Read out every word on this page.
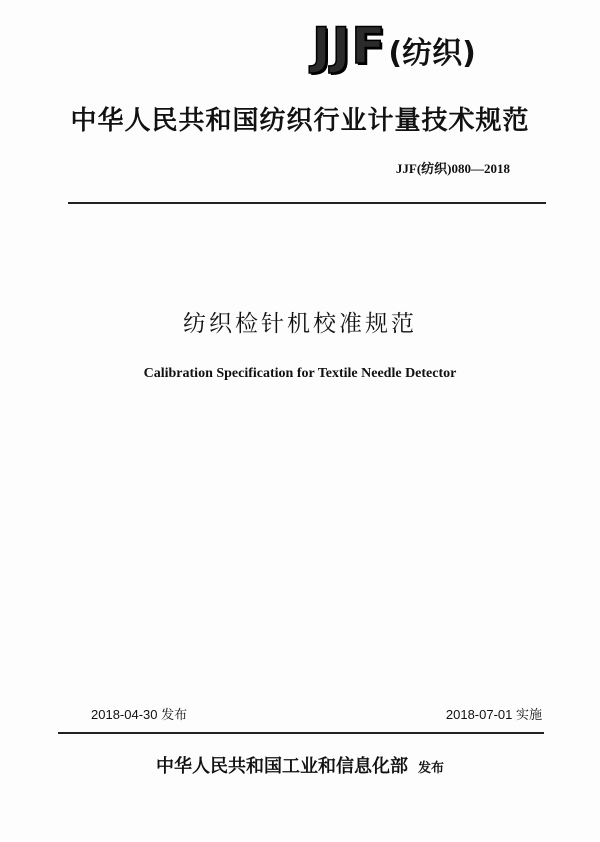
JJF (纺织)
中华人民共和国纺织行业计量技术规范
JJF(纺织)080—2018
纺织检针机校准规范
Calibration Specification for Textile Needle Detector
2018-04-30 发布	2018-07-01 实施
中华人民共和国工业和信息化部 发布
